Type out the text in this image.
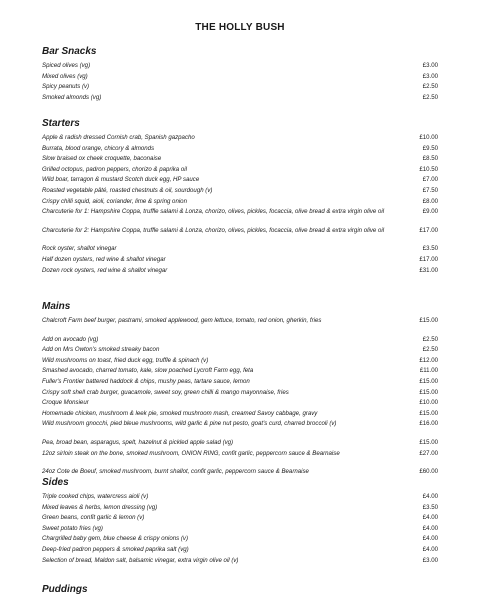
THE HOLLY BUSH
Bar Snacks
Spiced olives (vg)	£3.00
Mixed olives (vg)	£3.00
Spicy peanuts (v)	£2.50
Smoked almonds (vg)	£2.50
Starters
Apple & radish dressed Cornish crab, Spanish gazpacho	£10.00
Burrata, blood orange, chicory & almonds	£9.50
Slow braised ox cheek croquette, baconaise	£8.50
Grilled octopus, padron peppers, chorizo & paprika oil	£10.50
Wild boar, tarragon & mustard Scotch duck egg, HP sauce	£7.00
Roasted vegetable pâté, roasted chestnuts & oil, sourdough (v)	£7.50
Crispy chilli squid, aioli, coriander, lime & spring onion	£8.00
Charcuterie for 1: Hampshire Coppa, truffle salami & Lonza, chorizo, olives, pickles, focaccia, olive bread & extra virgin olive oil	£9.00
Charcuterie for 2: Hampshire Coppa, truffle salami & Lonza, chorizo, olives, pickles, focaccia, olive bread & extra virgin olive oil	£17.00
Rock oyster, shallot vinegar	£3.50
Half dozen oysters, red wine & shallot vinegar	£17.00
Dozen rock oysters, red wine & shallot vinegar	£31.00
Mains
Chalcroft Farm beef burger, pastrami, smoked applewood, gem lettuce, tomato, red onion, gherkin, fries	£15.00
Add on avocado (vg)	£2.50
Add on Mrs Owton's smoked streaky bacon	£2.50
Wild mushrooms on toast, fried duck egg, truffle & spinach (v)	£12.00
Smashed avocado, charred tomato, kale, slow poached Lycroft Farm egg, feta	£11.00
Fuller's Frontier battered haddock & chips, mushy peas, tartare sauce, lemon	£15.00
Crispy soft shell crab burger, guacamole, sweet soy, green chilli & mango mayonnaise, fries	£15.00
Croque Monsieur	£10.00
Homemade chicken, mushroom & leek pie, smoked mushroom mash, creamed Savoy cabbage, gravy	£15.00
Wild mushroom gnocchi, pied bleue mushrooms, wild garlic & pine nut pesto, goat's curd, charred broccoli (v)	£16.00
Pea, broad bean, asparagus, spelt, hazelnut & pickled apple salad (vg)	£15.00
12oz sirloin steak on the bone, smoked mushroom, ONION RING, confit garlic, peppercorn sauce & Bearnaise	£27.00
24oz Cote de Boeuf, smoked mushroom, burnt shallot, confit garlic, peppercorn sauce & Bearnaise	£60.00
Sides
Triple cooked chips, watercress aioli (v)	£4.00
Mixed leaves & herbs, lemon dressing (vg)	£3.50
Green beans, confit garlic & lemon (v)	£4.00
Sweet potato fries (vg)	£4.00
Chargrilled baby gem, blue cheese & crispy onions (v)	£4.00
Deep-fried padron peppers & smoked paprika salt (vg)	£4.00
Selection of bread, Maldon salt, balsamic vinegar, extra virgin olive oil (v)	£3.00
Puddings
